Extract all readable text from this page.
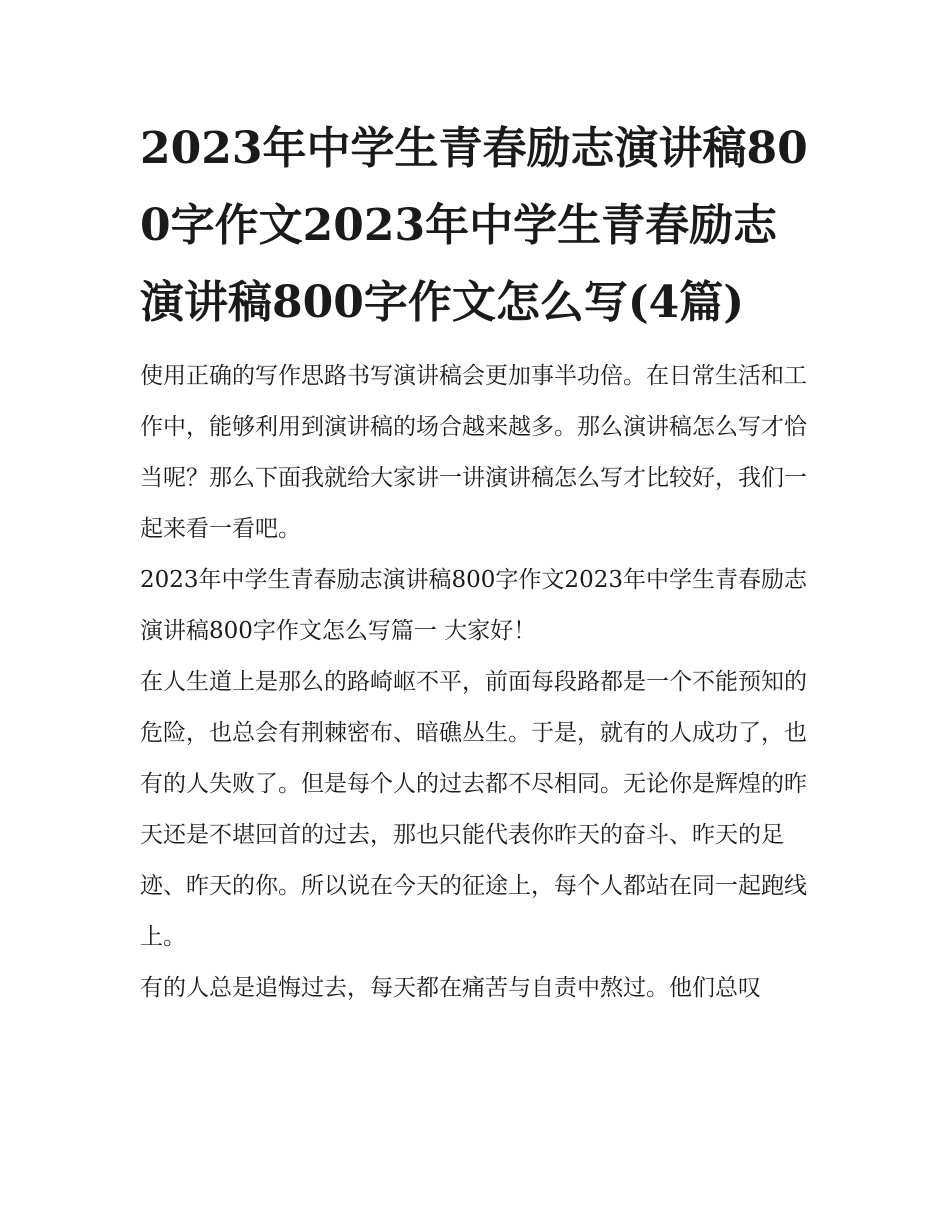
2023年中学生青春励志演讲稿800字作文2023年中学生青春励志演讲稿800字作文怎么写(4篇)

使用正确的写作思路书写演讲稿会更加事半功倍。在日常生活和工作中，能够利用到演讲稿的场合越来越多。那么演讲稿怎么写才恰当呢？那么下面我就给大家讲一讲演讲稿怎么写才比较好，我们一起来看一看吧。

2023年中学生青春励志演讲稿800字作文2023年中学生青春励志演讲稿800字作文怎么写篇一 大家好！

在人生道上是那么的路崎岖不平，前面每段路都是一个不能预知的危险，也总会有荆棘密布、暗礁丛生。于是，就有的人成功了，也有的人失败了。但是每个人的过去都不尽相同。无论你是辉煌的昨天还是不堪回首的过去，那也只能代表你昨天的奋斗、昨天的足迹、昨天的你。所以说在今天的征途上，每个人都站在同一起跑线上。

有的人总是追悔过去，每天都在痛苦与自责中熬过。他们总叹
